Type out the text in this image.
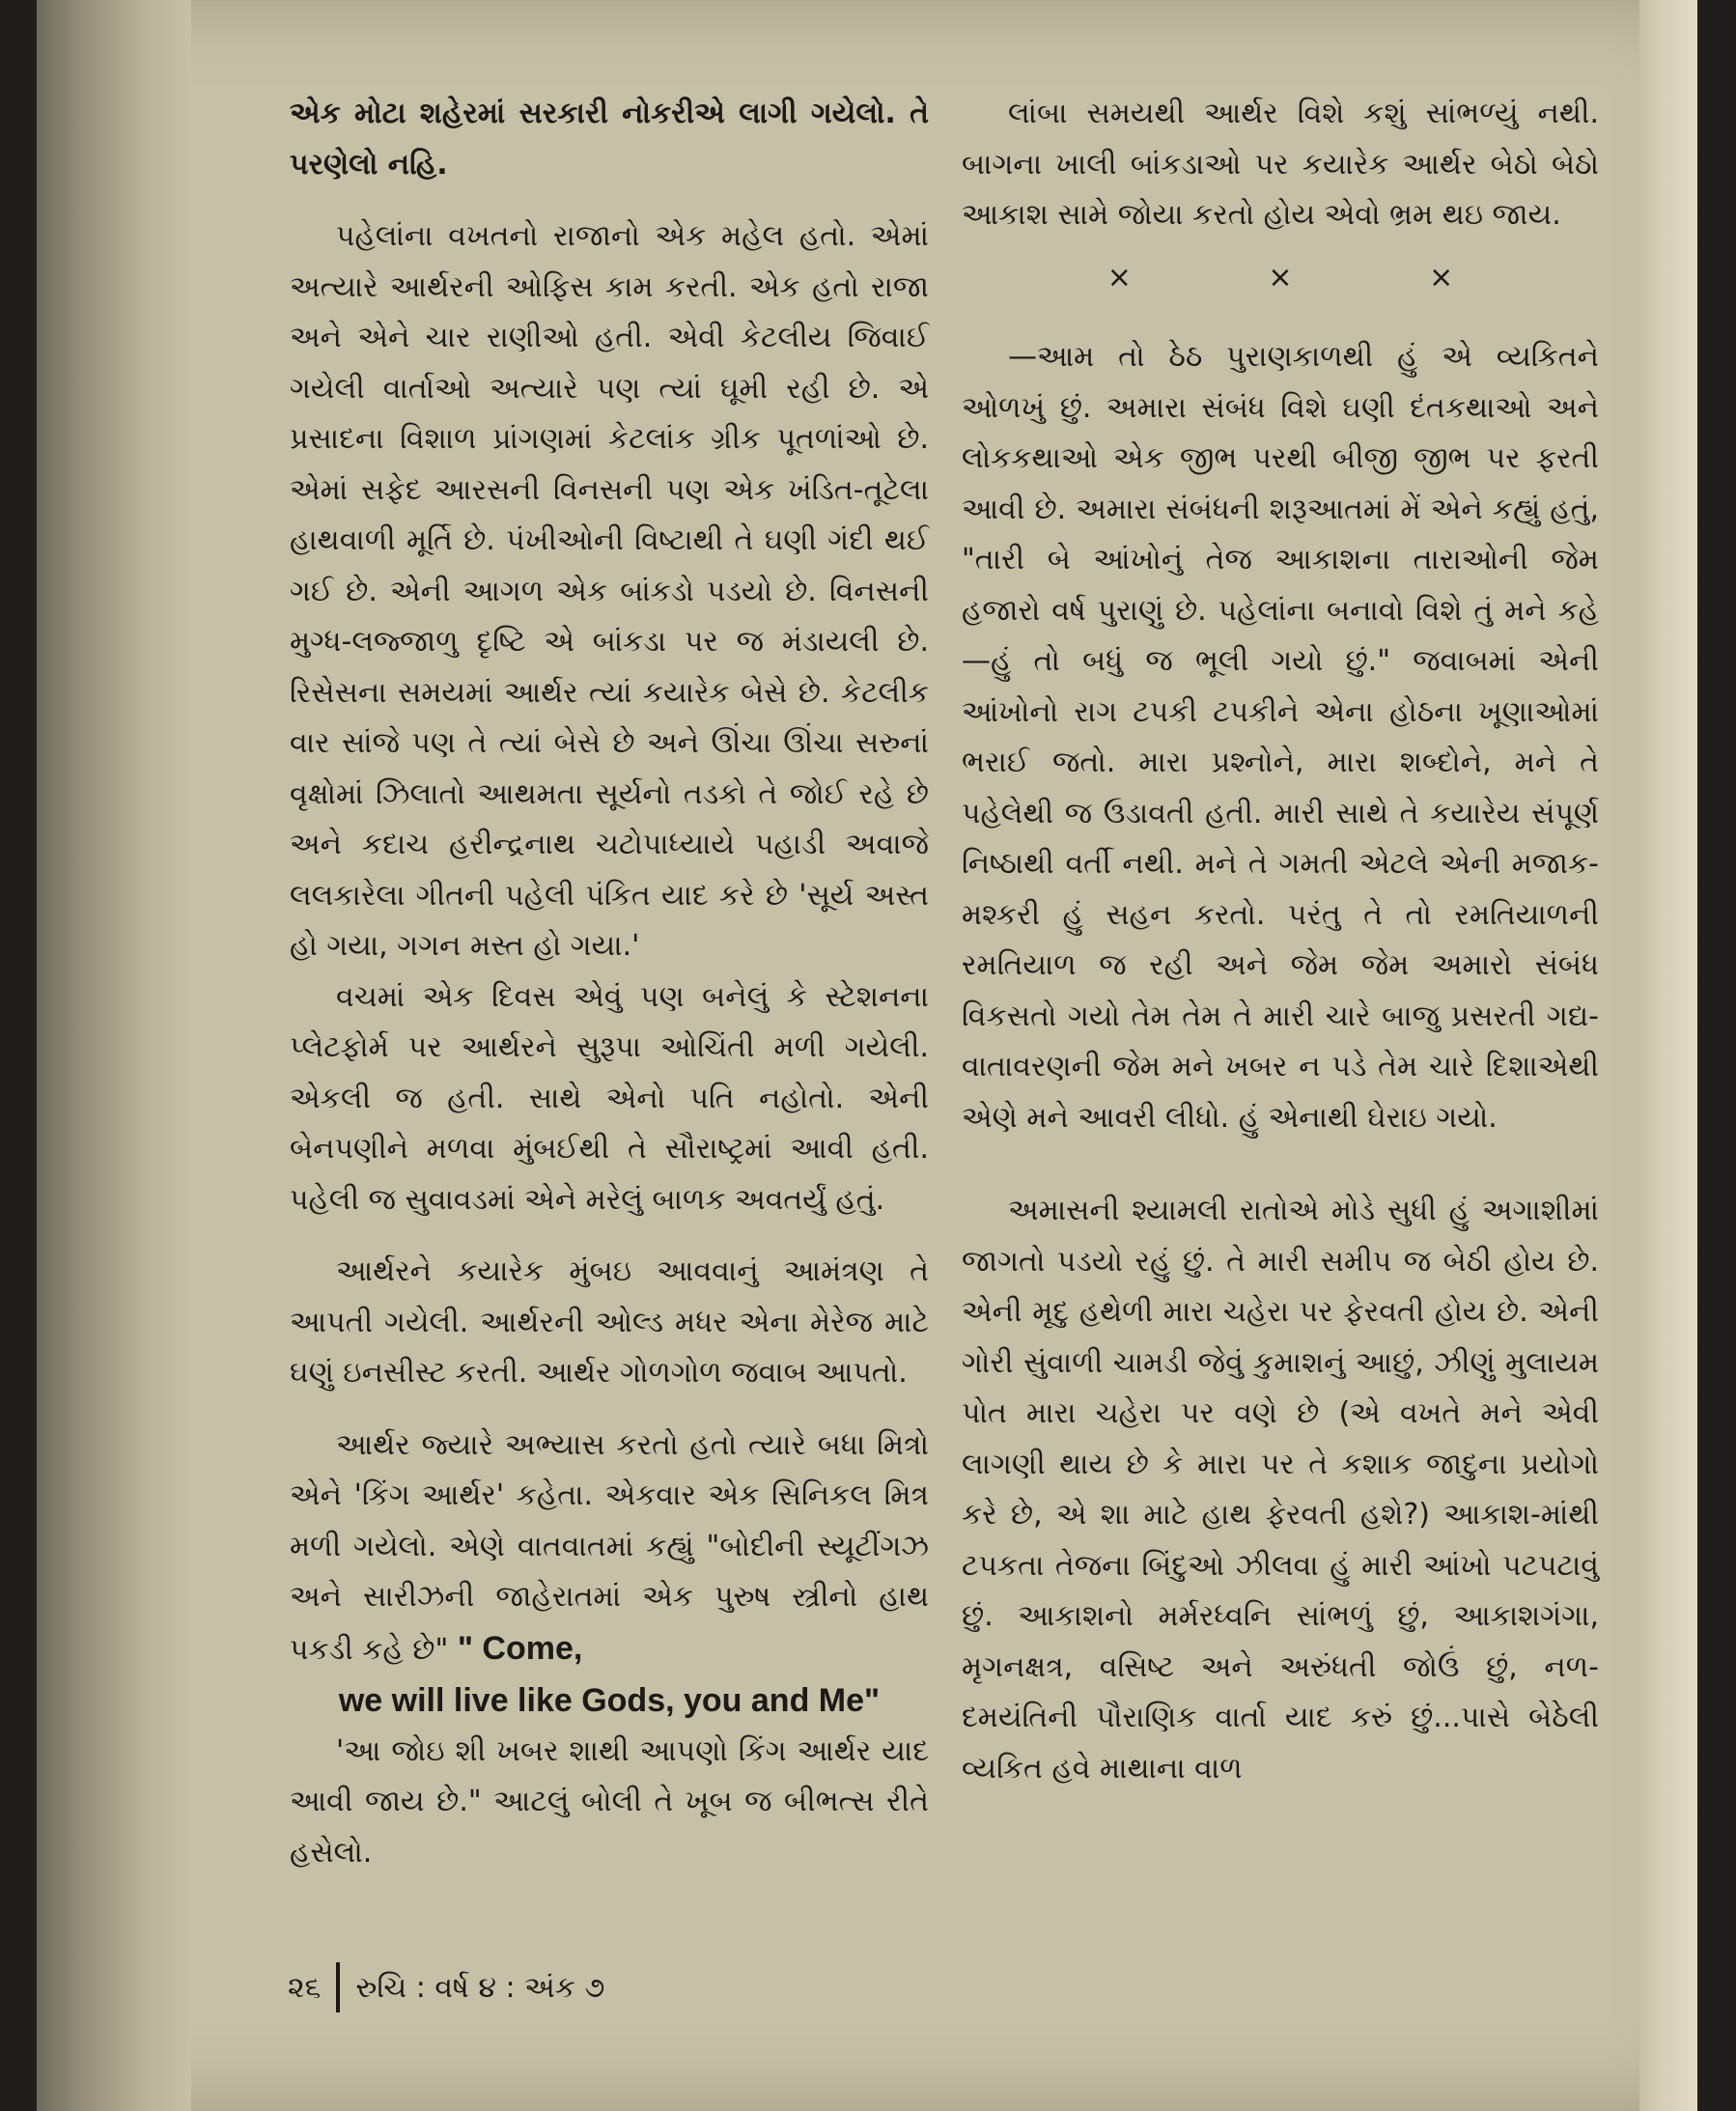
એક મોટા શહેરમાં સરકારી નોકરીએ લાગી ગયેલો. તે પરણેલો નહિ.

પહેલાંના વખતનો રાજાનો એક મહેલ હતો. એમાં અત્યારે આર્થરની ઓફિસ કામ કરતી. એક હતો રાજા અને એને ચાર રાણીઓ હતી. એવી કેટલીય જિવાઈ ગયેલી વાર્તાઓ અત્યારે પણ ત્યાં ઘૂમી રહી છે. એ પ્રસાદના વિશાળ પ્રાંગણમાં કેટલાંક ગ્રીક પૂતળાંઓ છે. એમાં સફેદ આરસની વિનસની પણ એક ખંડિત-તૂટેલા હાથવાળી મૂર્તિ છે. પંખીઓની વિષ્ટાથી તે ઘણી ગંદી થઈ ગઈ છે. એની આગળ એક બાંકડો પડયો છે. વિનસની મુગ્ધ-લજ્જાળુ દૃષ્ટિ એ બાંકડા પર જ મંડાયલી છે. રિસેસના સમયમાં આર્થર ત્યાં કયારેક બેસે છે. કેટલીક વાર સાંજે પણ તે ત્યાં બેસે છે અને ઊંચા ઊંચા સરુનાં વૃક્ષોમાં ઝિલાતો આથમતા સૂર્યનો તડકો તે જોઈ રહે છે અને કદાચ હરીન્દ્રનાથ ચટોપાધ્યાયે પહાડી અવાજે લલકારેલા ગીતની પહેલી પંકિત યાદ કરે છે 'સૂર્ય અસ્ત હો ગયા, ગગન મસ્ત હો ગયા.'

વચમાં એક દિવસ એવું પણ બનેલું કે સ્ટેશનના પ્લેટફોર્મ પર આર્થરને સુરૂપા ઓચિંતી મળી ગયેલી. એકલી જ હતી. સાથે એનો પતિ નહોતો. એની બેનપણીને મળવા મુંબઈથી તે સૌરાષ્ટ્રમાં આવી હતી. પહેલી જ સુવાવડમાં એને મરેલું બાળક અવતર્યું હતું.

આર્થરને કયારેક મુંબઇ આવવાનું આમંત્રણ તે આપતી ગયેલી. આર્થરની ઓલ્ડ મધર એના મેરેજ માટે ઘણું ઇનસીસ્ટ કરતી. આર્થર ગોળગોળ જવાબ આપતો.

આર્થર જ્યારે અભ્યાસ કરતો હતો ત્યારે બધા મિત્રો એને 'કિંગ આર્થર' કહેતા. એકવાર એક સિનિકલ મિત્ર મળી ગયેલો. એણે વાતવાતમાં કહ્યું "બોદીની સ્યૂટીંગઝ અને સારીઝની જાહેરાતમાં એક પુરુષ સ્ત્રીનો હાથ પકડી કહે છે" " Come,

we will live like Gods, you and Me"

'આ જોઇ શી ખબર શાથી આપણો કિંગ આર્થર યાદ આવી જાય છે." આટલું બોલી તે ખૂબ જ બીભત્સ રીતે હસેલો.

લાંબા સમયથી આર્થર વિશે કશું સાંભળ્યું નથી. બાગના ખાલી બાંકડાઓ પર કયારેક આર્થર બેઠો બેઠો આકાશ સામે જોયા કરતો હોય એવો ભ્રમ થઇ જાય.

×	×	×

—આમ તો ઠેઠ પુરાણકાળથી હું એ વ્યકિતને ઓળખું છું. અમારા સંબંધ વિશે ઘણી દંતકથાઓ અને લોકકથાઓ એક જીભ પરથી બીજી જીભ પર ફરતી આવી છે. અમારા સંબંધની શરૂઆતમાં મેં એને કહ્યું હતું, "તારી બે આંખોનું તેજ આકાશના તારાઓની જેમ હજારો વર્ષ પુરાણું છે. પહેલાંના બનાવો વિશે તું મને કહે—હું તો બધું જ ભૂલી ગયો છું." જવાબમાં એની આંખોનો રાગ ટપકી ટપકીને એના હોઠના ખૂણાઓમાં ભરાઈ જતો. મારા પ્રશ્નોને, મારા શબ્દોને, મને તે પહેલેથી જ ઉડાવતી હતી. મારી સાથે તે કયારેય સંપૂર્ણ નિષ્ઠાથી વર્તી નથી. મને તે ગમતી એટલે એની મજાક-મશ્કરી હું સહન કરતો. પરંતુ તે તો રમતિયાળની રમતિયાળ જ રહી અને જેમ જેમ અમારો સંબંધ વિકસતો ગયો તેમ તેમ તે મારી ચારે બાજુ પ્રસરતી ગદ્ય-વાતાવરણની જેમ મને ખબર ન પડે તેમ ચારે દિશાએથી એણે મને આવરી લીધો. હું એનાથી ઘેરાઇ ગયો.

અમાસની શ્યામલી રાતોએ મોડે સુધી હું અગાશીમાં જાગતો પડયો રહું છું. તે મારી સમીપ જ બેઠી હોય છે. એની મૃદુ હથેળી મારા ચહેરા પર ફેરવતી હોય છે. એની ગોરી સુંવાળી ચામડી જેવું કુમાશનું આછું, ઝીણું મુલાયમ પોત મારા ચહેરા પર વણે છે (એ વખતે મને એવી લાગણી થાય છે કે મારા પર તે કશાક જાદુના પ્રયોગો કરે છે, એ શા માટે હાથ ફેરવતી હશે?) આકાશ-માંથી ટપકતા તેજના બિંદુઓ ઝીલવા હું મારી આંખો પટપટાવું છું. આકાશનો મર્મરધ્વનિ સાંભળું છું, આકાશગંગા, મૃગનક્ષત્ર, વસિષ્ટ અને અરુંધતી જોઉં છું, નળ-દમયંતિની પૌરાણિક વાર્તા યાદ કરું છું...પાસે બેઠેલી વ્યકિત હવે માથાના વાળ

૨૬ રુચિ : વર્ષ ૪ : અંક ૭
